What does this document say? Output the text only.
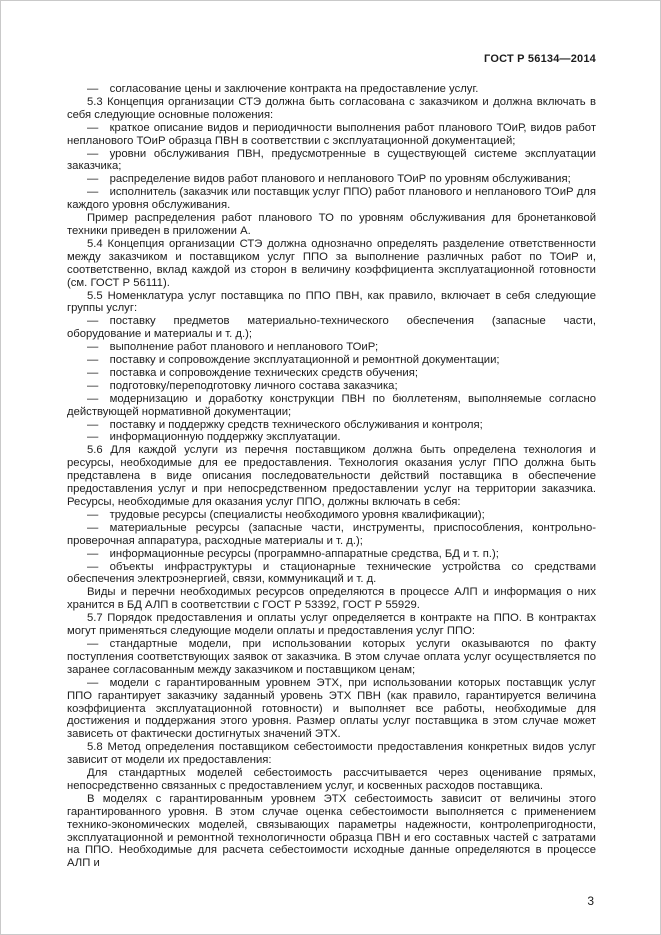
ГОСТ Р 56134—2014

— согласование цены и заключение контракта на предоставление услуг.

5.3 Концепция организации СТЭ должна быть согласована с заказчиком и должна включать в себя следующие основные положения:

— краткое описание видов и периодичности выполнения работ планового ТОиР, видов работ непланового ТОиР образца ПВН в соответствии с эксплуатационной документацией;

— уровни обслуживания ПВН, предусмотренные в существующей системе эксплуатации заказчика;

— распределение видов работ планового и непланового ТОиР по уровням обслуживания;

— исполнитель (заказчик или поставщик услуг ППО) работ планового и непланового ТОиР для каждого уровня обслуживания.

Пример распределения работ планового ТО по уровням обслуживания для бронетанковой техники приведен в приложении А.

5.4 Концепция организации СТЭ должна однозначно определять разделение ответственности между заказчиком и поставщиком услуг ППО за выполнение различных работ по ТОиР и, соответственно, вклад каждой из сторон в величину коэффициента эксплуатационной готовности (см. ГОСТ Р 56111).

5.5 Номенклатура услуг поставщика по ППО ПВН, как правило, включает в себя следующие группы услуг:

— поставку предметов материально-технического обеспечения (запасные части, оборудование и материалы и т. д.);

— выполнение работ планового и непланового ТОиР;

— поставку и сопровождение эксплуатационной и ремонтной документации;

— поставка и сопровождение технических средств обучения;

— подготовку/переподготовку личного состава заказчика;

— модернизацию и доработку конструкции ПВН по бюллетеням, выполняемые согласно действующей нормативной документации;

— поставку и поддержку средств технического обслуживания и контроля;

— информационную поддержку эксплуатации.

5.6 Для каждой услуги из перечня поставщиком должна быть определена технология и ресурсы, необходимые для ее предоставления. Технология оказания услуг ППО должна быть представлена в виде описания последовательности действий поставщика в обеспечение предоставления услуг и при непосредственном предоставлении услуг на территории заказчика. Ресурсы, необходимые для оказания услуг ППО, должны включать в себя:

— трудовые ресурсы (специалисты необходимого уровня квалификации);

— материальные ресурсы (запасные части, инструменты, приспособления, контрольно-проверочная аппаратура, расходные материалы и т. д.);

— информационные ресурсы (программно-аппаратные средства, БД и т. п.);

— объекты инфраструктуры и стационарные технические устройства со средствами обеспечения электроэнергией, связи, коммуникаций и т. д.

Виды и перечни необходимых ресурсов определяются в процессе АЛП и информация о них хранится в БД АЛП в соответствии с ГОСТ Р 53392, ГОСТ Р 55929.

5.7 Порядок предоставления и оплаты услуг определяется в контракте на ППО. В контрактах могут применяться следующие модели оплаты и предоставления услуг ППО:

— стандартные модели, при использовании которых услуги оказываются по факту поступления соответствующих заявок от заказчика. В этом случае оплата услуг осуществляется по заранее согласованным между заказчиком и поставщиком ценам;

— модели с гарантированным уровнем ЭТХ, при использовании которых поставщик услуг ППО гарантирует заказчику заданный уровень ЭТХ ПВН (как правило, гарантируется величина коэффициента эксплуатационной готовности) и выполняет все работы, необходимые для достижения и поддержания этого уровня. Размер оплаты услуг поставщика в этом случае может зависеть от фактически достигнутых значений ЭТХ.

5.8 Метод определения поставщиком себестоимости предоставления конкретных видов услуг зависит от модели их предоставления:

Для стандартных моделей себестоимость рассчитывается через оценивание прямых, непосредственно связанных с предоставлением услуг, и косвенных расходов поставщика.

В моделях с гарантированным уровнем ЭТХ себестоимость зависит от величины этого гарантированного уровня. В этом случае оценка себестоимости выполняется с применением технико-экономических моделей, связывающих параметры надежности, контролепригодности, эксплуатационной и ремонтной технологичности образца ПВН и его составных частей с затратами на ППО. Необходимые для расчета себестоимости исходные данные определяются в процессе АЛП и

3
